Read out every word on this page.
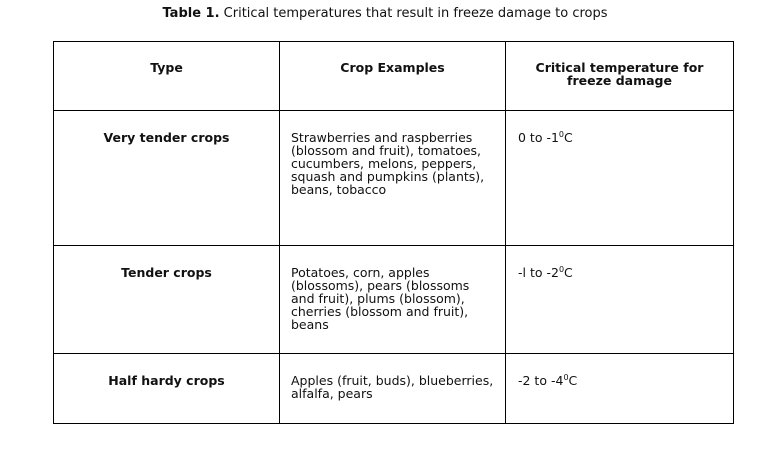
Table 1. Critical temperatures that result in freeze damage to crops
Type	Crop Examples	Critical temperature for freeze damage
Very tender crops	Strawberries and raspberries (blossom and fruit), tomatoes, cucumbers, melons, peppers, squash and pumpkins (plants), beans, tobacco	0 to $-1^0C$
Tender crops	Potatoes, corn, apples (blossoms), pears (blossoms and fruit), plums (blossom), cherries (blossom and fruit), beans	-l to $-2^0C$
Half hardy crops	Apples (fruit, buds), blueberries, alfalfa, pears	-2 to $-4^0C$
